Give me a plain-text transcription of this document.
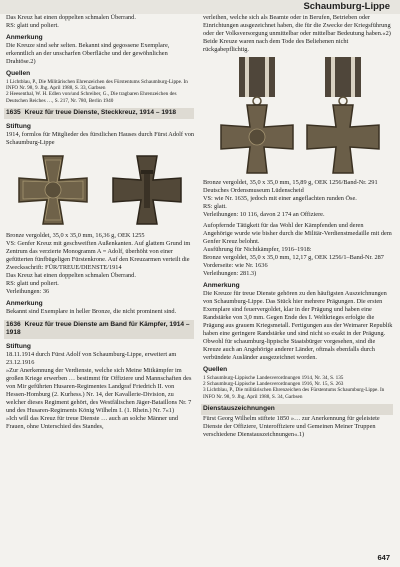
Schaumburg-Lippe

Das Kreuz hat einen doppelten schmalen Überrand.

RS: glatt und poliert.

Anmerkung

Die Kreuze sind sehr selten. Bekannt sind gegossene Exemplare, erkenntlich an der unscharfen Oberfläche und der gewöhnlichen Drahtöse.2)

Quellen

1 Lichtblau, P., Die Militärischen Ehrenzeichen des Fürstentums Schaumburg-Lippe. In INFO Nr. 98, 9. Jhg. April 1988, S. 33, Garbsen

2 Heesenthal, W. H. Edlen von/und Schreiber, G., Die tragbaren Ehrenzeichen des Deutschen Reiches …, S. 217, Nr. 780, Berlin 1940

1635 Kreuz für treue Dienste, Steckkreuz, 1914 – 1918
Stiftung

1914, formlos für Mitglieder des fürstlichen Hauses durch Fürst Adolf von Schaumburg-Lippe

Bronze vergoldet, 35,0 x 35,0 mm, 16,36 g, OEK 1255

VS: Genfer Kreuz mit geschweiften Außenkanten. Auf glattem Grund im Zentrum das verzierte Monogramm A = Adolf, überhöht von einer gefütterten fünfbügeligen Fürstenkrone. Auf den Kreuzarmen verteilt die Zwecksschrift: FÜR/TREUE/DIENSTE/1914

Das Kreuz hat einen doppelten schmalen Überrand.

RS: glatt und poliert.

Verleihungen: 36

Anmerkung

Bekannt sind Exemplare in heller Bronze, die nicht prominent sind.

1636 Kreuz für treue Dienste am Band für Kämpfer, 1914 – 1918
Stiftung

18.11.1914 durch Fürst Adolf von Schaumburg-Lippe, erweitert am 23.12.1916

»Zur Anerkennung der Verdienste, welche sich Meine Mitkämpfer im großen Kriege erwerben … bestimmt für Offiziere und Mannschaften des von Mir geführten Husaren-Regimentes Landgraf Friedrich II. von Hessen-Homburg (2. Kurhess.) Nr. 14, der Kavallerie-Division, zu welcher dieses Regiment gehört, des Westfälischen Jäger-Bataillons Nr. 7 und des Husaren-Regiments König Wilhelm I. (1. Rhein.) Nr. 7«1)

»Ich will das Kreuz für treue Dienste … auch an solche Männer und Frauen, ohne Unterschied des Standes,

verleihen, welche sich als Beamte oder in Berufen, Betrieben oder Einrichtungen ausgezeichnet haben, die für die Zwecke der Kriegsführung oder der Volksversorgung unmittelbar oder mittelbar Bedeutung haben.«2)

Beide Kreuze waren nach dem Tode des Beliehenen nicht rückgabepflichtig.

Bronze vergoldet, 35,0 x 35,0 mm, 15,89 g, OEK 1256/Band-Nr. 291

Deutsches Ordensmuseum Lüdenscheid

VS: wie Nr. 1635, jedoch mit einer angeflachten runden Öse.

RS: glatt.

Verleihungen: 10 116, davon 2 174 an Offiziere.

Aufopfernde Tätigkeit für das Wohl der Kämpfenden und deren Angehörige wurde wie bisher durch die Militär-Verdienstmedaille mit dem Genfer Kreuz belohnt.

Ausführung für Nichtkämpfer, 1916–1918:

Bronze vergoldet, 35,0 x 35,0 mm, 12,17 g, OEK 1256/1–Band-Nr. 287

Vorderseite: wie Nr. 1636

Verleihungen: 281.3)

Anmerkung

Die Kreuze für treue Dienste gehören zu den häufigsten Auszeichnungen von Schaumburg-Lippe. Das Stück hier mehrere Prägungen. Die ersten Exemplare sind feuervergoldet, klar in der Prägung und haben eine Randstärke von 3,0 mm. Gegen Ende des I. Weltkrieges erfolgte die Prägung aus grauem Kriegsmetall. Fertigungen aus der Weimarer Republik haben eine geringere Randstärke und sind nicht so exakt in der Prägung.

Obwohl für schaumburg-lippische Staatsbürger vorgesehen, sind die Kreuze auch an Angehörige anderer Länder, oftmals ebenfalls durch verbündete Ausländer ausgezeichnet worden.

Quellen

1 Schaumburg-Lippische Landesverordnungen 1914, Nr. 34, S. 135

2 Schaumburg-Lippische Landesverordnungen 1916, Nr. 15, S. 263

3 Lichtblau, P., Die militärischen Ehrenzeichen des Fürstentums Schaumburg-Lippe. In INFO Nr. 98, 9. Jhg. April 1988, S. 34, Garbsen

Dienstauszeichnungen

Fürst Georg Wilhelm stiftete 1850 »… zur Anerkennung für geleistete Dienste der Offiziere, Unteroffiziere und Gemeinen Meiner Truppen verschiedene Dienstauszeichnungen«.1)

647
